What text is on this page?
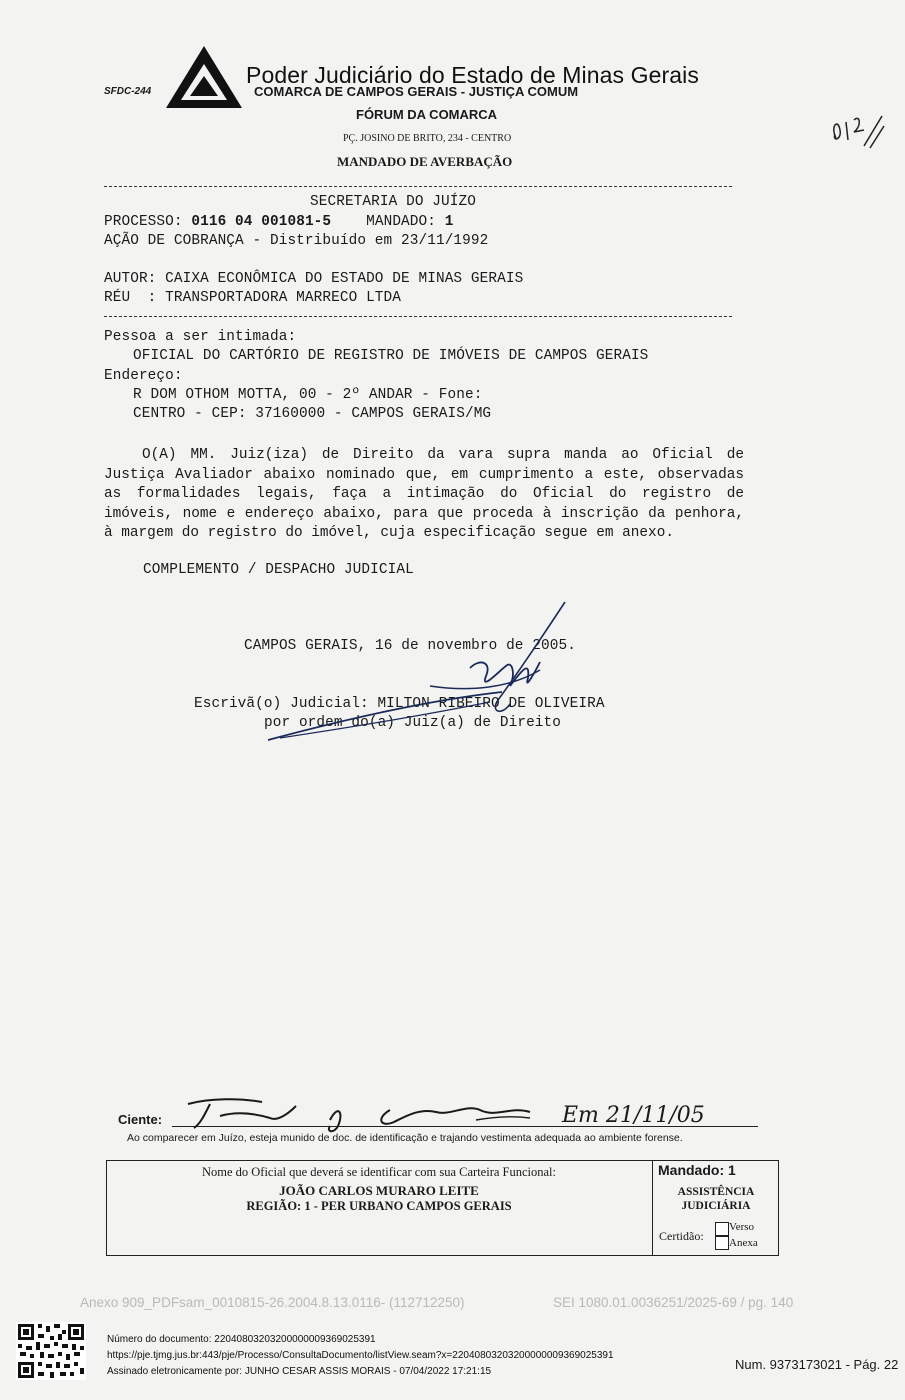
SFDC-244
Poder Judiciário do Estado de Minas Gerais
COMARCA DE CAMPOS GERAIS - JUSTIÇA COMUM
FÓRUM DA COMARCA
PÇ. JOSINO DE BRITO, 234 - CENTRO
MANDADO DE AVERBAÇÃO
612
SECRETARIA DO JUÍZO
PROCESSO: 0116 04 001081-5 MANDADO: 1
AÇÃO DE COBRANÇA - Distribuído em 23/11/1992
AUTOR: CAIXA ECONÔMICA DO ESTADO DE MINAS GERAIS
RÉU  : TRANSPORTADORA MARRECO LTDA
Pessoa a ser intimada:
OFICIAL DO CARTÓRIO DE REGISTRO DE IMÓVEIS DE CAMPOS GERAIS
Endereço:
R DOM OTHOM MOTTA, 00 - 2º ANDAR - Fone:
CENTRO - CEP: 37160000 - CAMPOS GERAIS/MG
O(A) MM. Juiz(iza) de Direito da vara supra manda ao Oficial de Justiça Avaliador abaixo nominado que, em cumprimento a este, observadas as formalidades legais, faça a intimação do Oficial do registro de imóveis, nome e endereço abaixo, para que proceda à inscrição da penhora, à margem do registro do imóvel, cuja especificação segue em anexo.
COMPLEMENTO / DESPACHO JUDICIAL
CAMPOS GERAIS, 16 de novembro de 2005.
Escrivã(o) Judicial: MILTON RIBEIRO DE OLIVEIRA
por ordem do(a) Juiz(a) de Direito
Ciente:	Em 21/11/05
Ao comparecer em Juízo, esteja munido de doc. de identificação e trajando vestimenta adequada ao ambiente forense.
Nome do Oficial que deverá se identificar com sua Carteira Funcional:
JOÃO CARLOS MURARO LEITE
REGIÃO: 1 - PER URBANO CAMPOS GERAIS
Mandado: 1
ASSISTÊNCIA
JUDICIÁRIA
Certidão:
Verso
Anexa
Anexo 909_PDFsam_0010815-26.2004.8.13.0116- (112712250)	SEI 1080.01.0036251/2025-69 / pg. 140
Número do documento: 22040803203200000009369025391
https://pje.tjmg.jus.br:443/pje/Processo/ConsultaDocumento/listView.seam?x=22040803203200000009369025391
Assinado eletronicamente por: JUNHO CESAR ASSIS MORAIS - 07/04/2022 17:21:15	Num. 9373173021 - Pág. 22
